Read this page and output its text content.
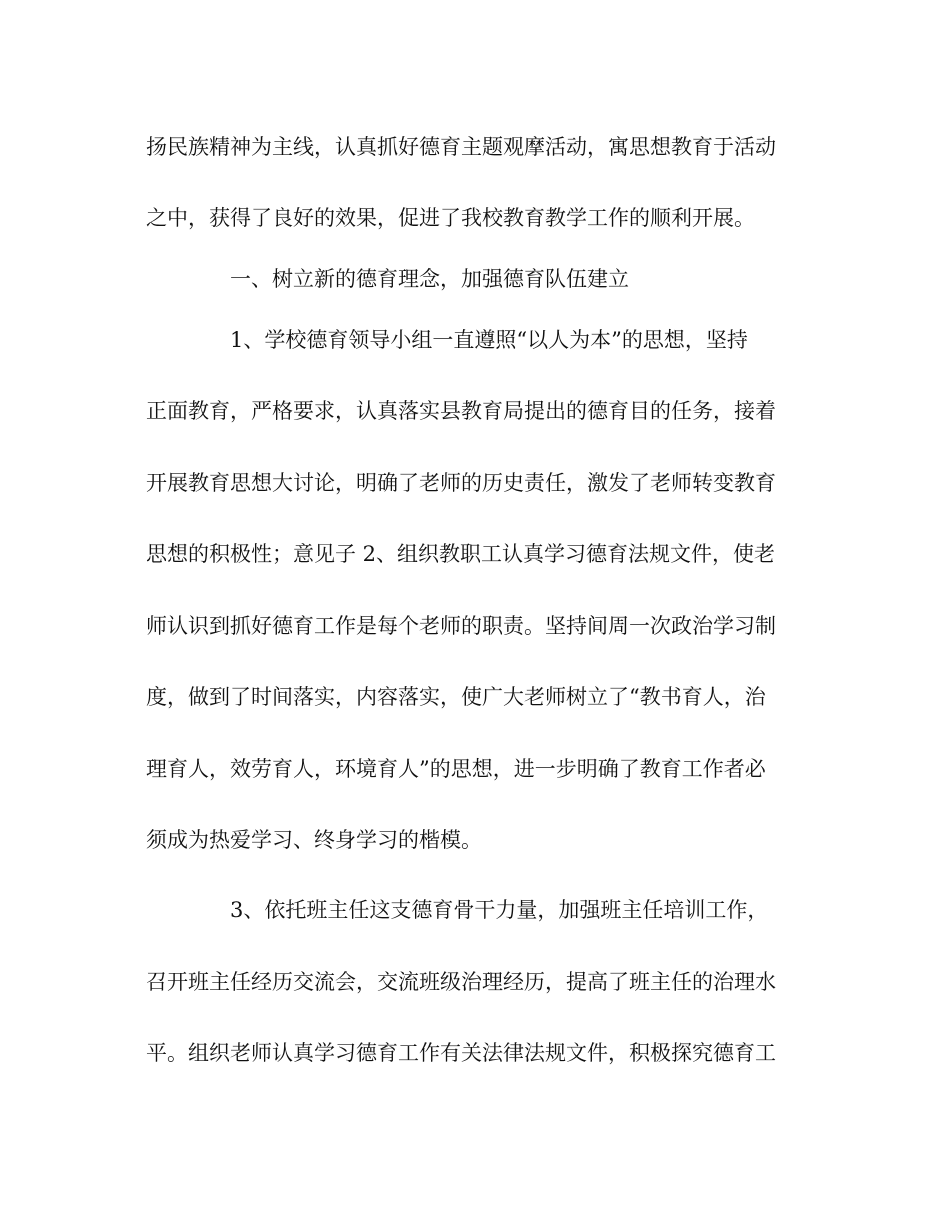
扬民族精神为主线，认真抓好德育主题观摩活动，寓思想教育于活动
之中，获得了良好的效果，促进了我校教育教学工作的顺利开展。
一、树立新的德育理念，加强德育队伍建立
1、学校德育领导小组一直遵照“以人为本”的思想，坚持
正面教育，严格要求，认真落实县教育局提出的德育目的任务，接着
开展教育思想大讨论，明确了老师的历史责任，激发了老师转变教育
思想的积极性；意见子 2、组织教职工认真学习德育法规文件，使老
师认识到抓好德育工作是每个老师的职责。坚持间周一次政治学习制
度，做到了时间落实，内容落实，使广大老师树立了“教书育人，治
理育人，效劳育人，环境育人”的思想，进一步明确了教育工作者必
须成为热爱学习、终身学习的楷模。
3、依托班主任这支德育骨干力量，加强班主任培训工作，
召开班主任经历交流会，交流班级治理经历，提高了班主任的治理水
平。组织老师认真学习德育工作有关法律法规文件，积极探究德育工
